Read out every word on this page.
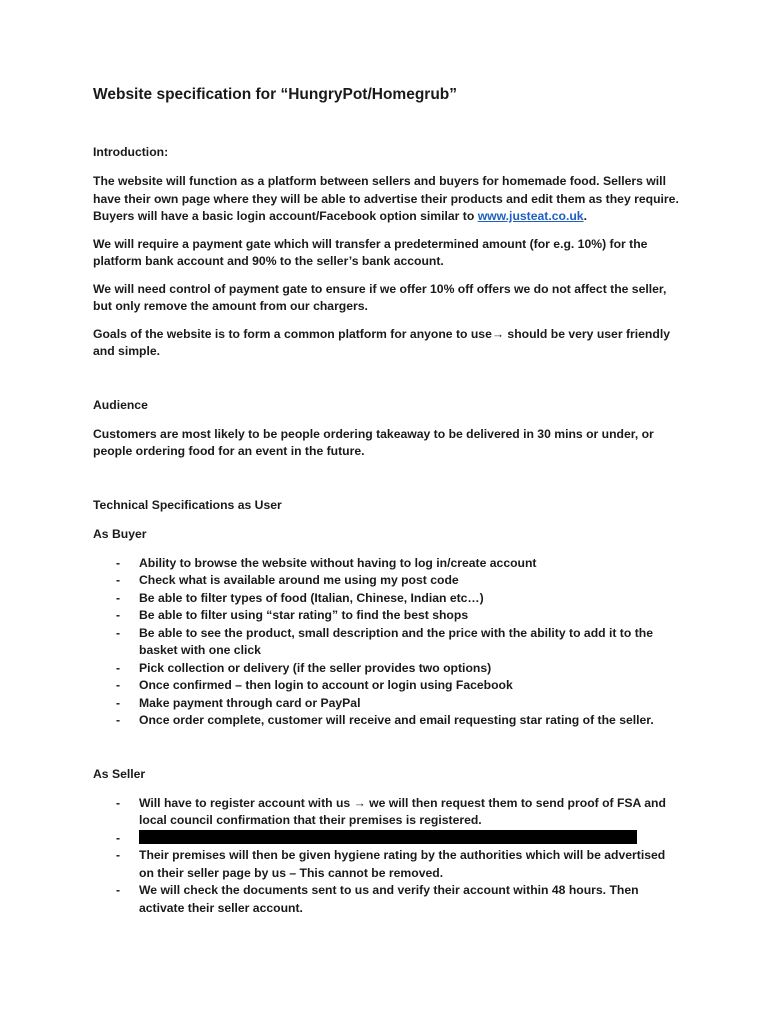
Website specification for “HungryPot/Homegrub”
Introduction:

The website will function as a platform between sellers and buyers for homemade food. Sellers will have their own page where they will be able to advertise their products and edit them as they require. Buyers will have a basic login account/Facebook option similar to www.justeat.co.uk.

We will require a payment gate which will transfer a predetermined amount (for e.g. 10%) for the platform bank account and 90% to the seller’s bank account.

We will need control of payment gate to ensure if we offer 10% off offers we do not affect the seller, but only remove the amount from our chargers.

Goals of the website is to form a common platform for anyone to use→ should be very user friendly and simple.

Audience

Customers are most likely to be people ordering takeaway to be delivered in 30 mins or under, or people ordering food for an event in the future.

Technical Specifications as User
As Buyer
- Ability to browse the website without having to log in/create account
- Check what is available around me using my post code
- Be able to filter types of food (Italian, Chinese, Indian etc…)
- Be able to filter using “star rating” to find the best shops
- Be able to see the product, small description and the price with the ability to add it to the basket with one click
- Pick collection or delivery (if the seller provides two options)
- Once confirmed – then login to account or login using Facebook
- Make payment through card or PayPal
- Once order complete, customer will receive and email requesting star rating of the seller.
As Seller
- Will have to register account with us → we will then request them to send proof of FSA and local council confirmation that their premises is registered.
-
- Their premises will then be given hygiene rating by the authorities which will be advertised on their seller page by us – This cannot be removed.
- We will check the documents sent to us and verify their account within 48 hours. Then activate their seller account.
